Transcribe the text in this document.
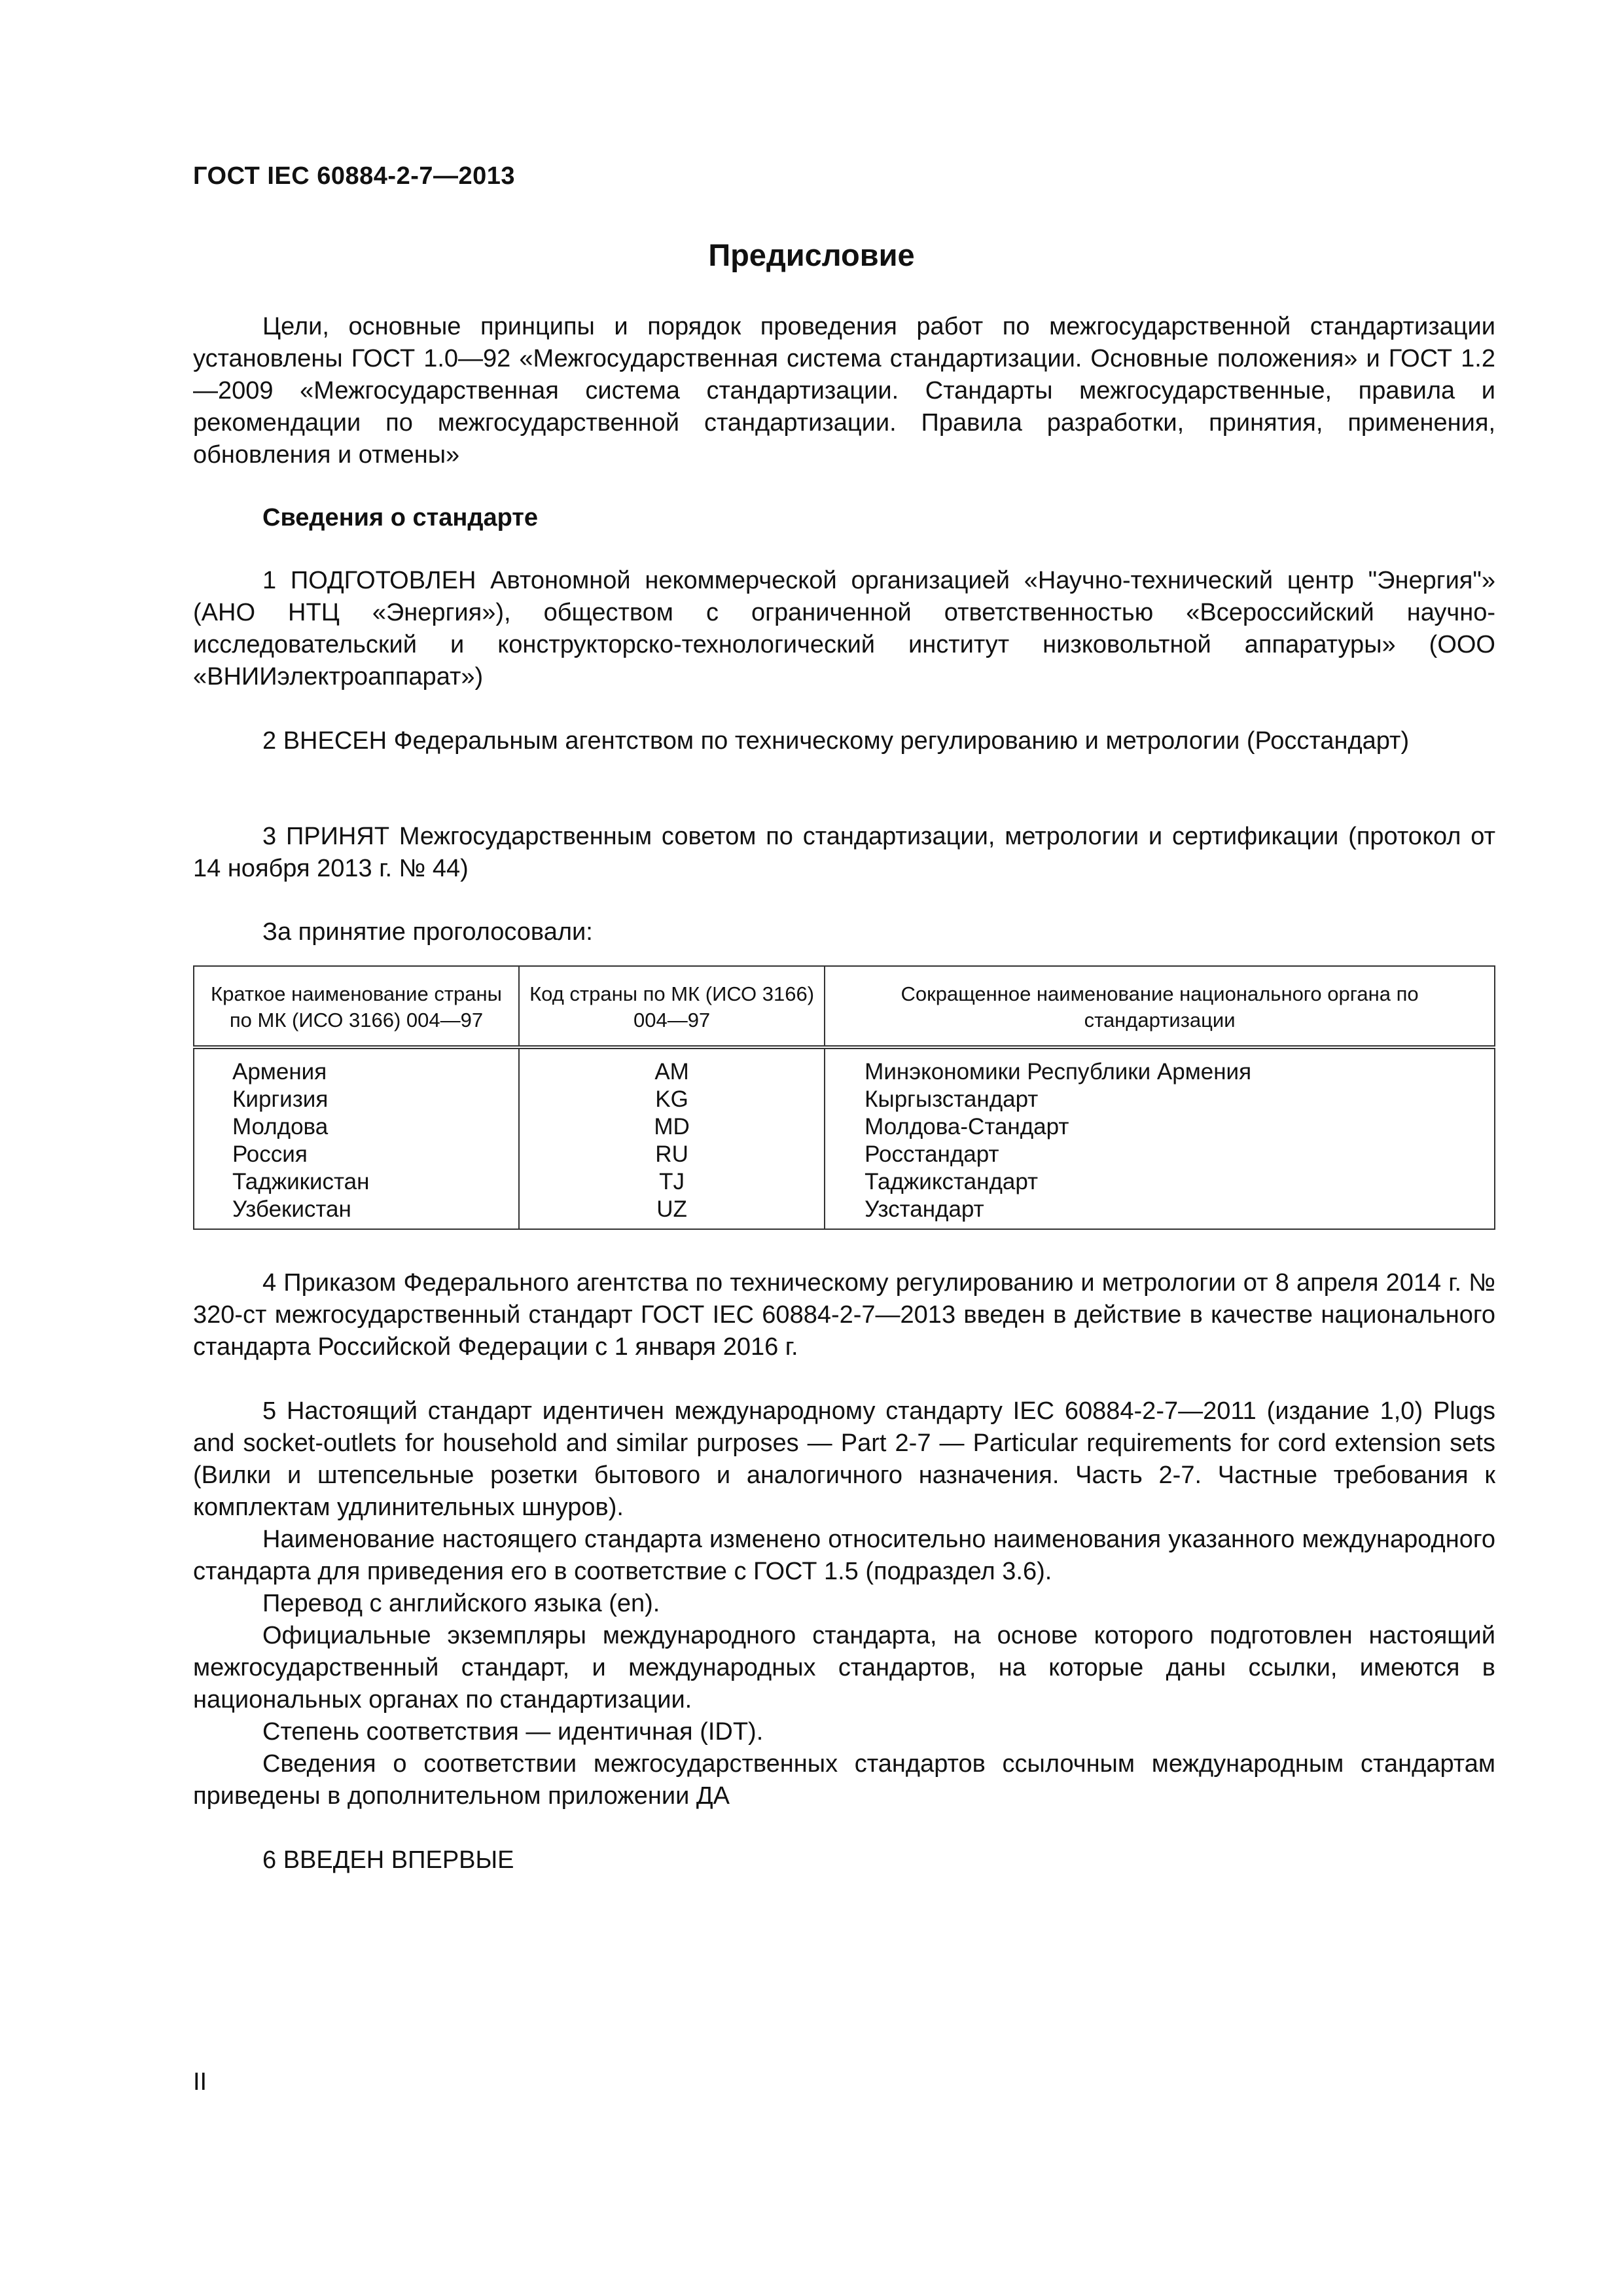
ГОСТ IEC 60884-2-7—2013
Предисловие

Цели, основные принципы и порядок проведения работ по межгосударственной стандартизации установлены ГОСТ 1.0—92 «Межгосударственная система стандартизации. Основные положения» и ГОСТ 1.2—2009 «Межгосударственная система стандартизации. Стандарты межгосударственные, правила и рекомендации по межгосударственной стандартизации. Правила разработки, принятия, применения, обновления и отмены»

Сведения о стандарте

1 ПОДГОТОВЛЕН Автономной некоммерческой организацией «Научно-технический центр "Энергия"» (АНО НТЦ «Энергия»), обществом с ограниченной ответственностью «Всероссийский научно-исследовательский и конструкторско-технологический институт низковольтной аппаратуры» (ООО «ВНИИэлектроаппарат»)

2 ВНЕСЕН Федеральным агентством по техническому регулированию и метрологии (Росстандарт)

3 ПРИНЯТ Межгосударственным советом по стандартизации, метрологии и сертификации (протокол от 14 ноября 2013 г. № 44)

За принятие проголосовали:

Краткое наименование страны по МК (ИСО 3166) 004—97	Код страны по МК (ИСО 3166) 004—97	Сокращенное наименование национального органа по стандартизации
Армения	AM	Минэкономики Республики Армения
Киргизия	KG	Кыргызстандарт
Молдова	MD	Молдова-Стандарт
Россия	RU	Росстандарт
Таджикистан	TJ	Таджикстандарт
Узбекистан	UZ	Узстандарт

4 Приказом Федерального агентства по техническому регулированию и метрологии от 8 апреля 2014 г. № 320-ст межгосударственный стандарт ГОСТ IEC 60884-2-7—2013 введен в действие в качестве национального стандарта Российской Федерации с 1 января 2016 г.

5 Настоящий стандарт идентичен международному стандарту IEC 60884-2-7—2011 (издание 1,0) Plugs and socket-outlets for household and similar purposes — Part 2-7 — Particular requirements for cord extension sets (Вилки и штепсельные розетки бытового и аналогичного назначения. Часть 2-7. Частные требования к комплектам удлинительных шнуров).

Наименование настоящего стандарта изменено относительно наименования указанного международного стандарта для приведения его в соответствие с ГОСТ 1.5 (подраздел 3.6).

Перевод с английского языка (en).

Официальные экземпляры международного стандарта, на основе которого подготовлен настоящий межгосударственный стандарт, и международных стандартов, на которые даны ссылки, имеются в национальных органах по стандартизации.

Степень соответствия — идентичная (IDT).

Сведения о соответствии межгосударственных стандартов ссылочным международным стандартам приведены в дополнительном приложении ДА

6 ВВЕДЕН ВПЕРВЫЕ

II
